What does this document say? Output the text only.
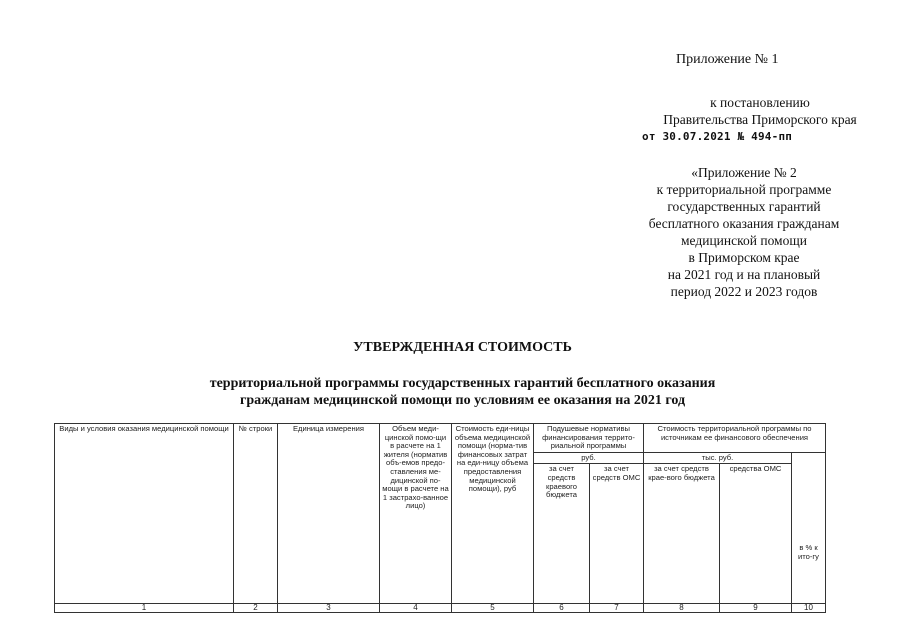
Приложение № 1
к постановлению
Правительства Приморского края
от 30.07.2021 № 494-пп
«Приложение № 2
к территориальной программе
государственных гарантий
бесплатного оказания гражданам
медицинской помощи
в Приморском крае
на 2021 год и на плановый
период 2022 и 2023 годов
УТВЕРЖДЕННАЯ СТОИМОСТЬ
территориальной программы государственных гарантий бесплатного оказания
гражданам медицинской помощи по условиям ее оказания на 2021 год
Виды и условия оказания медицинской помощи	№ строки	Единица измерения	Объем меди-цинской помо-щи в расчете на 1 жителя (норматив объ-емов предо-ставления ме-дицинской по-мощи в расчете на 1 застрахо-ванное лицо)	Стоимость еди-ницы объема медицинской помощи (норма-тив финансовых затрат на еди-ницу объема предоставления медицинской помощи), руб	Подушевые нормативы финансирования террито-риальной программы		Стоимость территориальной программы по источникам ее финансового обеспечения		
					руб.		тыс. руб.		в % к ито-гу
					за счет средств краевого бюджета	за счет средств ОМС	за счет средств крае-вого бюджета	средства ОМС	
1	2	3	4	5	6	7	8	9	10
